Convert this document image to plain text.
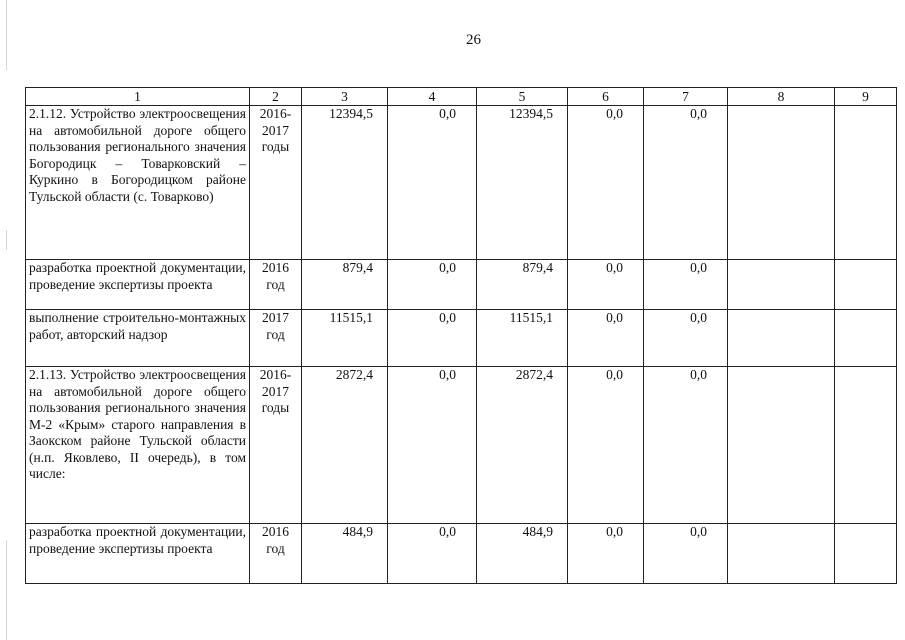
26
1	2	3	4	5	6	7	8	9
2.1.12. Устройство электроосвещения на автомобильной дороге общего пользования регионального значения Богородицк – Товарковский – Куркино в Богородицком районе Тульской области (с. Товарково)	2016-2017 годы	12394,5	0,0	12394,5	0,0	0,0		
разработка проектной документации, проведение экспертизы проекта	2016 год	879,4	0,0	879,4	0,0	0,0		
выполнение строительно-монтажных работ, авторский надзор	2017 год	11515,1	0,0	11515,1	0,0	0,0		
2.1.13. Устройство электроосвещения на автомобильной дороге общего пользования регионального значения М-2 «Крым» старого направления в Заокском районе Тульской области (н.п. Яковлево, II очередь), в том числе:	2016-2017 годы	2872,4	0,0	2872,4	0,0	0,0		
разработка проектной документации, проведение экспертизы проекта	2016 год	484,9	0,0	484,9	0,0	0,0		
